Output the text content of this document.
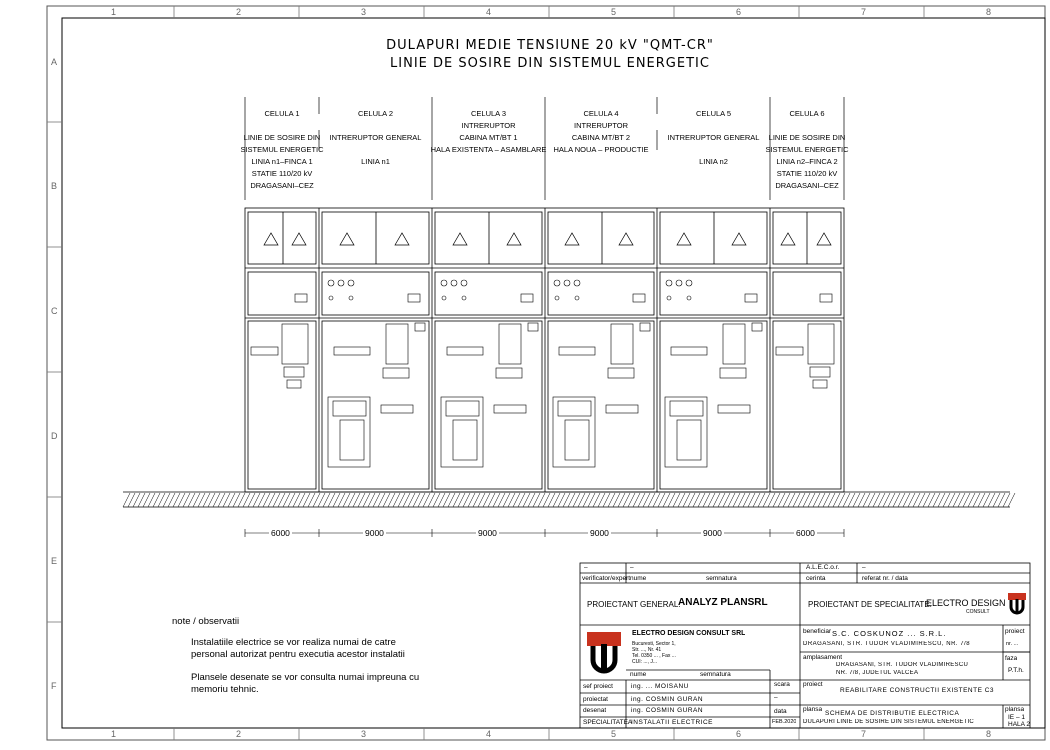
1	2	3	4	5	6	7	8
1	2	3	4	5	6	7	8
A
B
C
D
E
F
DULAPURI MEDIE TENSIUNE 20 kV "QMT-CR"
LINIE DE SOSIRE DIN SISTEMUL ENERGETIC
CELULA 1
LINIE DE SOSIRE DIN
SISTEMUL ENERGETIC
LINIA n1–FINCA 1
STATIE 110/20 kV
DRAGASANI–CEZ
CELULA 2
INTRERUPTOR GENERAL
LINIA n1
CELULA 3
INTRERUPTOR
CABINA MT/BT 1
HALA EXISTENTA – ASAMBLARE
CELULA 4
INTRERUPTOR
CABINA MT/BT 2
HALA NOUA – PRODUCTIE
CELULA 5
INTRERUPTOR GENERAL
LINIA n2
CELULA 6
LINIE DE SOSIRE DIN
SISTEMUL ENERGETIC
LINIA n2–FINCA 2
STATIE 110/20 kV
DRAGASANI–CEZ
6000	9000	9000	9000	9000	6000
note / observatii
Instalatiile electrice se vor realiza numai de catre
personal autorizat pentru executia acestor instalatii
Plansele desenate se vor consulta numai impreuna cu
memoriu tehnic.
–	–	A.L.E.C.o.r.	–
verificator/expert nume	semnatura	cerinta	referat nr. / data
PROIECTANT GENERAL:
ANALYZ PLANSRL	PROIECTANT DE SPECIALITATE:
ELECTRO DESIGN
CONSULT
ELECTRO DESIGN CONSULT SRL
Bucuresti, Sector 1,
Str. ..., Nr. 41
Tel. 0350 ... , Fax ...
CUI: ..., J...
nume	semnatura
beneficiar S.C. COSKUNOZ ... S.R.L.
DRAGASANI, STR. TUDOR VLADIMIRESCU, NR. 7/8
proiect
nr. ...
amplasament
DRAGASANI, STR. TUDOR VLADIMIRESCU
NR. 7/8, JUDETUL VALCEA
faza
P.T.h.
scara
–
proiect
REABILITARE CONSTRUCTII EXISTENTE C3
sef proiect	ing. ... MOISANU
proiectat	ing. COSMIN GURAN
desenat	ing. COSMIN GURAN
SPECIALITATEA
INSTALATII ELECTRICE
data
FEB.2020
plansa
SCHEMA DE DISTRIBUTIE ELECTRICA
DULAPURI LINIE DE SOSIRE DIN SISTEMUL ENERGETIC
plansa
IE – 1
HALA 2
